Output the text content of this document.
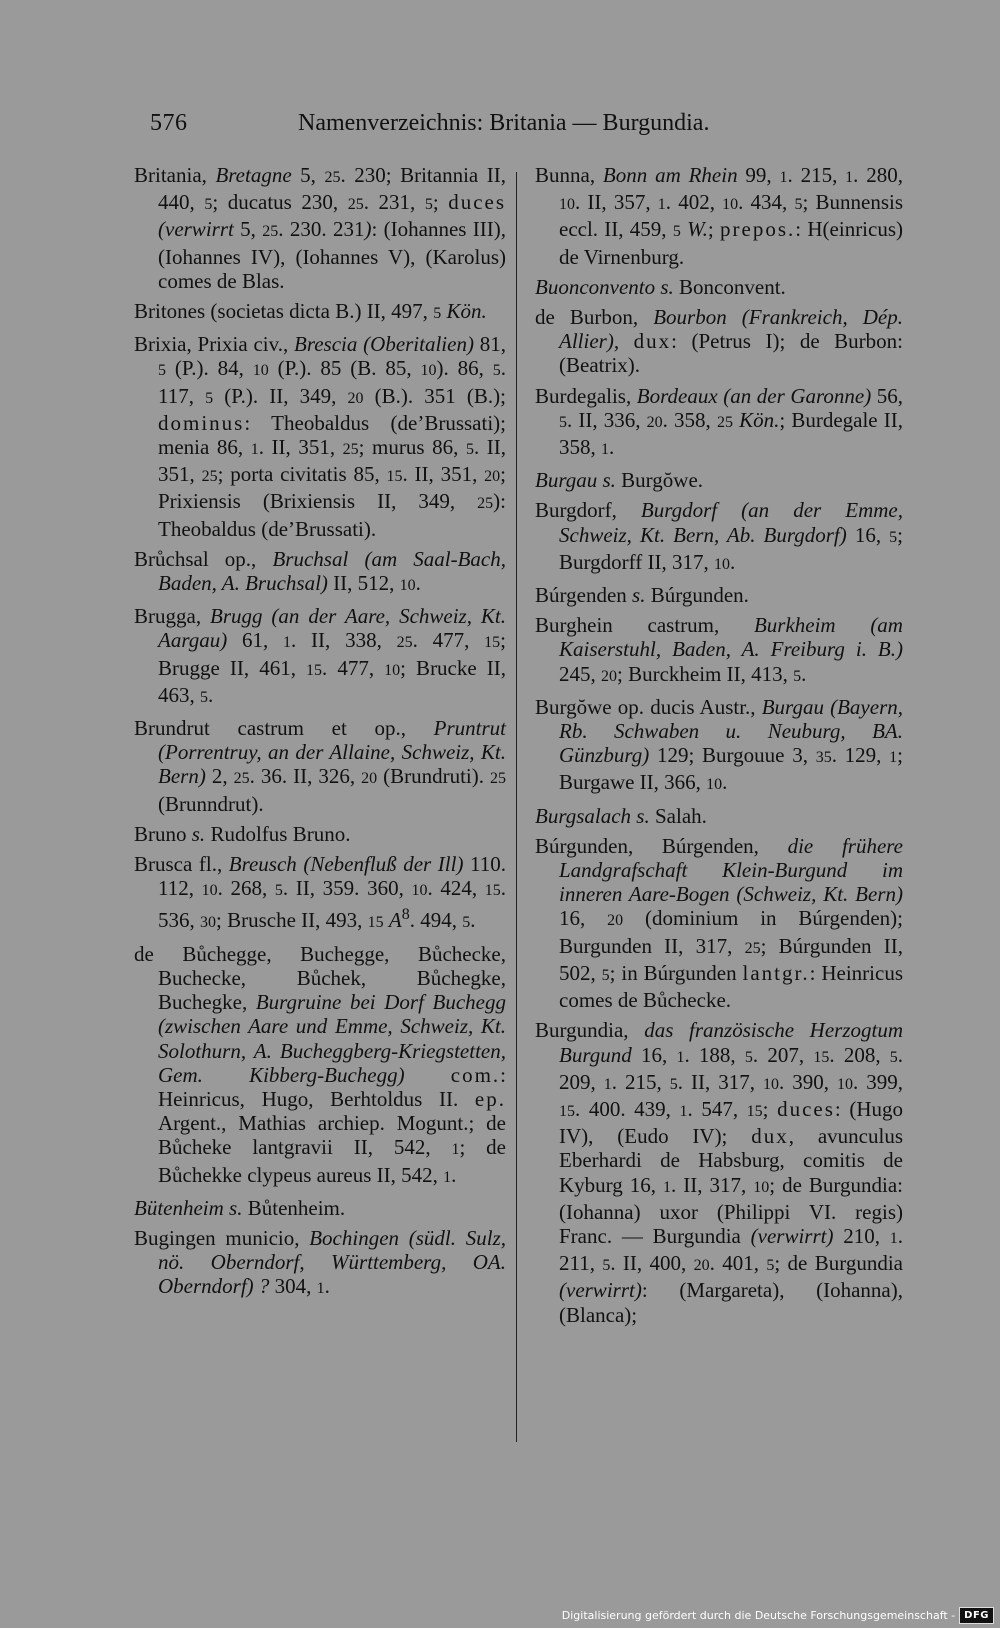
576	Namenverzeichnis: Britania — Burgundia.

Britania, Bretagne 5, 25. 230; Britannia II, 440, 5; ducatus 230, 25. 231, 5; duces (verwirrt 5, 25. 230. 231): (Iohannes III), (Iohannes IV), (Iohannes V), (Karolus) comes de Blas.

Britones (societas dicta B.) II, 497, 5 Kön.

Brixia, Prixia civ., Brescia (Oberitalien) 81, 5 (P.). 84, 10 (P.). 85 (B. 85, 10). 86, 5. 117, 5 (P.). II, 349, 20 (B.). 351 (B.); dominus: Theobaldus (de’Brussati); menia 86, 1. II, 351, 25; murus 86, 5. II, 351, 25; porta civitatis 85, 15. II, 351, 20; Prixiensis (Brixiensis II, 349, 25): Theobaldus (de’Brussati).

Brůchsal op., Bruchsal (am Saal-Bach, Baden, A. Bruchsal) II, 512, 10.

Brugga, Brugg (an der Aare, Schweiz, Kt. Aargau) 61, 1. II, 338, 25. 477, 15; Brugge II, 461, 15. 477, 10; Brucke II, 463, 5.

Brundrut castrum et op., Pruntrut (Porrentruy, an der Allaine, Schweiz, Kt. Bern) 2, 25. 36. II, 326, 20 (Brundruti). 25 (Brunndrut).

Bruno s. Rudolfus Bruno.

Brusca fl., Breusch (Nebenfluß der Ill) 110. 112, 10. 268, 5. II, 359. 360, 10. 424, 15. 536, 30; Brusche II, 493, 15 $A^8$. 494, 5.

de Bůchegge, Buchegge, Bůchecke, Buchecke, Bůchek, Bůchegke, Buchegke, Burgruine bei Dorf Buchegg (zwischen Aare und Emme, Schweiz, Kt. Solothurn, A. Bucheggberg-Kriegstetten, Gem. Kibberg-Buchegg) com.: Heinricus, Hugo, Berhtoldus II. ep. Argent., Mathias archiep. Mogunt.; de Bůcheke lantgravii II, 542, 1; de Bůchekke clypeus aureus II, 542, 1.

Bütenheim s. Bůtenheim.

Bugingen municio, Bochingen (südl. Sulz, nö. Oberndorf, Württemberg, OA. Oberndorf) ? 304, 1.

Bunna, Bonn am Rhein 99, 1. 215, 1. 280, 10. II, 357, 1. 402, 10. 434, 5; Bunnensis eccl. II, 459, 5 W.; prepos.: H(einricus) de Virnenburg.

Buonconvento s. Bonconvent.

de Burbon, Bourbon (Frankreich, Dép. Allier), dux: (Petrus I); de Burbon: (Beatrix).

Burdegalis, Bordeaux (an der Garonne) 56, 5. II, 336, 20. 358, 25 Kön.; Burdegale II, 358, 1.

Burgau s. Burgŏwe.

Burgdorf, Burgdorf (an der Emme, Schweiz, Kt. Bern, Ab. Burgdorf) 16, 5; Burgdorff II, 317, 10.

Búrgenden s. Búrgunden.

Burghein castrum, Burkheim (am Kaiserstuhl, Baden, A. Freiburg i. B.) 245, 20; Burckheim II, 413, 5.

Burgŏwe op. ducis Austr., Burgau (Bayern, Rb. Schwaben u. Neuburg, BA. Günzburg) 129; Burgouue 3, 35. 129, 1; Burgawe II, 366, 10.

Burgsalach s. Salah.

Búrgunden, Búrgenden, die frühere Landgrafschaft Klein-Burgund im inneren Aare-Bogen (Schweiz, Kt. Bern) 16, 20 (dominium in Búrgenden); Burgunden II, 317, 25; Búrgunden II, 502, 5; in Búrgunden lantgr.: Heinricus comes de Bůchecke.

Burgundia, das französische Herzogtum Burgund 16, 1. 188, 5. 207, 15. 208, 5. 209, 1. 215, 5. II, 317, 10. 390, 10. 399, 15. 400. 439, 1. 547, 15; duces: (Hugo IV), (Eudo IV); dux, avunculus Eberhardi de Habsburg, comitis de Kyburg 16, 1. II, 317, 10; de Burgundia: (Iohanna) uxor (Philippi VI. regis) Franc. — Burgundia (verwirrt) 210, 1. 211, 5. II, 400, 20. 401, 5; de Burgundia (verwirrt): (Margareta), (Iohanna), (Blanca);

Digitalisierung gefördert durch die Deutsche Forschungsgemeinschaft - DFG
